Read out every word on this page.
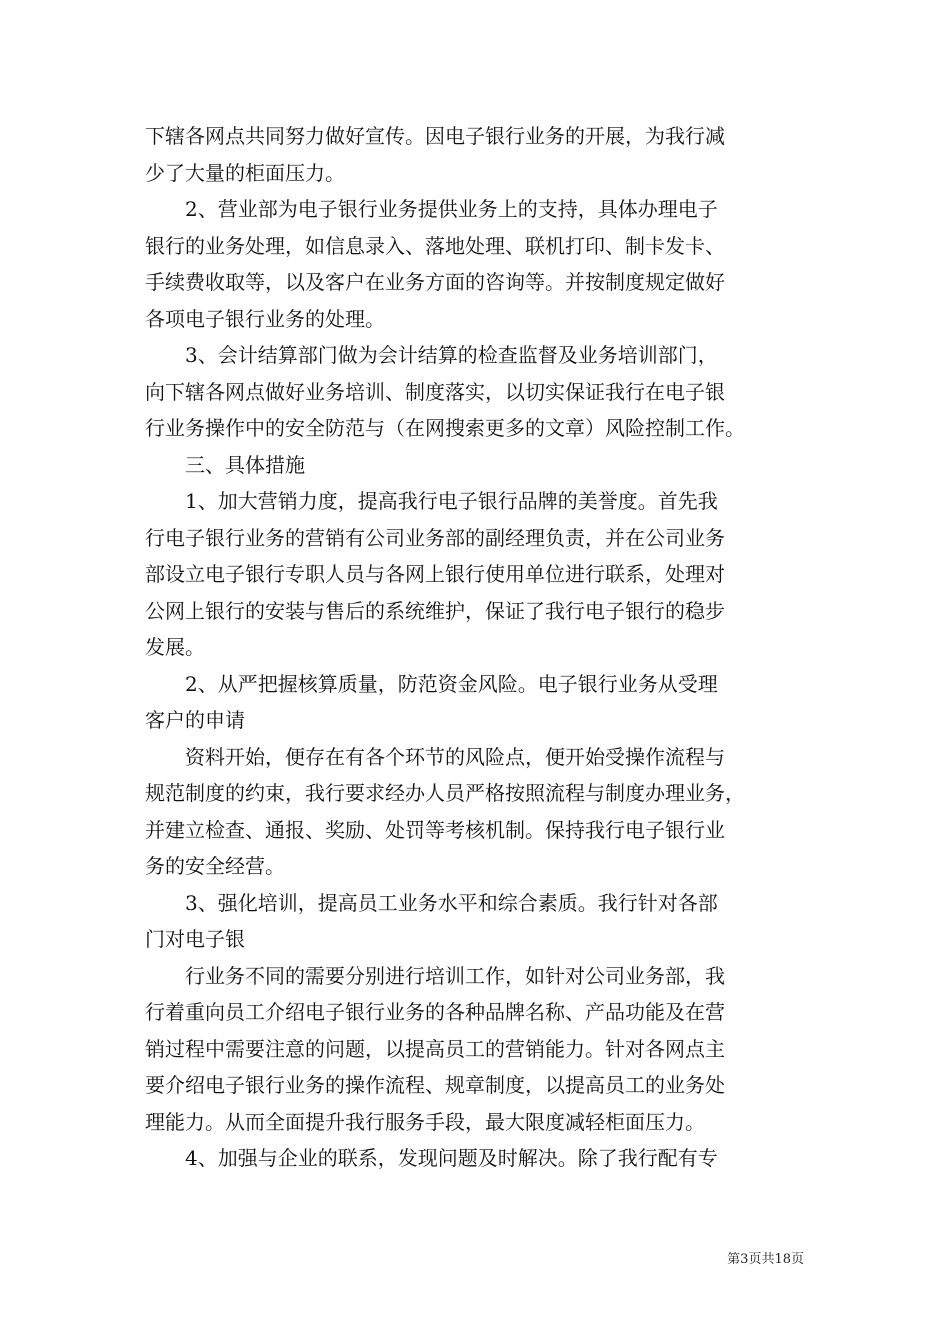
下辖各网点共同努力做好宣传。因电子银行业务的开展，为我行减
少了大量的柜面压力。
2、营业部为电子银行业务提供业务上的支持，具体办理电子
银行的业务处理，如信息录入、落地处理、联机打印、制卡发卡、
手续费收取等，以及客户在业务方面的咨询等。并按制度规定做好
各项电子银行业务的处理。
3、会计结算部门做为会计结算的检查监督及业务培训部门，
向下辖各网点做好业务培训、制度落实，以切实保证我行在电子银
行业务操作中的安全防范与（在网搜索更多的文章）风险控制工作。
三、具体措施
1、加大营销力度，提高我行电子银行品牌的美誉度。首先我
行电子银行业务的营销有公司业务部的副经理负责，并在公司业务
部设立电子银行专职人员与各网上银行使用单位进行联系，处理对
公网上银行的安装与售后的系统维护，保证了我行电子银行的稳步
发展。
2、从严把握核算质量，防范资金风险。电子银行业务从受理
客户的申请
资料开始，便存在有各个环节的风险点，便开始受操作流程与
规范制度的约束，我行要求经办人员严格按照流程与制度办理业务，
并建立检查、通报、奖励、处罚等考核机制。保持我行电子银行业
务的安全经营。
3、强化培训，提高员工业务水平和综合素质。我行针对各部
门对电子银
行业务不同的需要分别进行培训工作，如针对公司业务部，我
行着重向员工介绍电子银行业务的各种品牌名称、产品功能及在营
销过程中需要注意的问题，以提高员工的营销能力。针对各网点主
要介绍电子银行业务的操作流程、规章制度，以提高员工的业务处
理能力。从而全面提升我行服务手段，最大限度减轻柜面压力。
4、加强与企业的联系，发现问题及时解决。除了我行配有专
第3页共18页
